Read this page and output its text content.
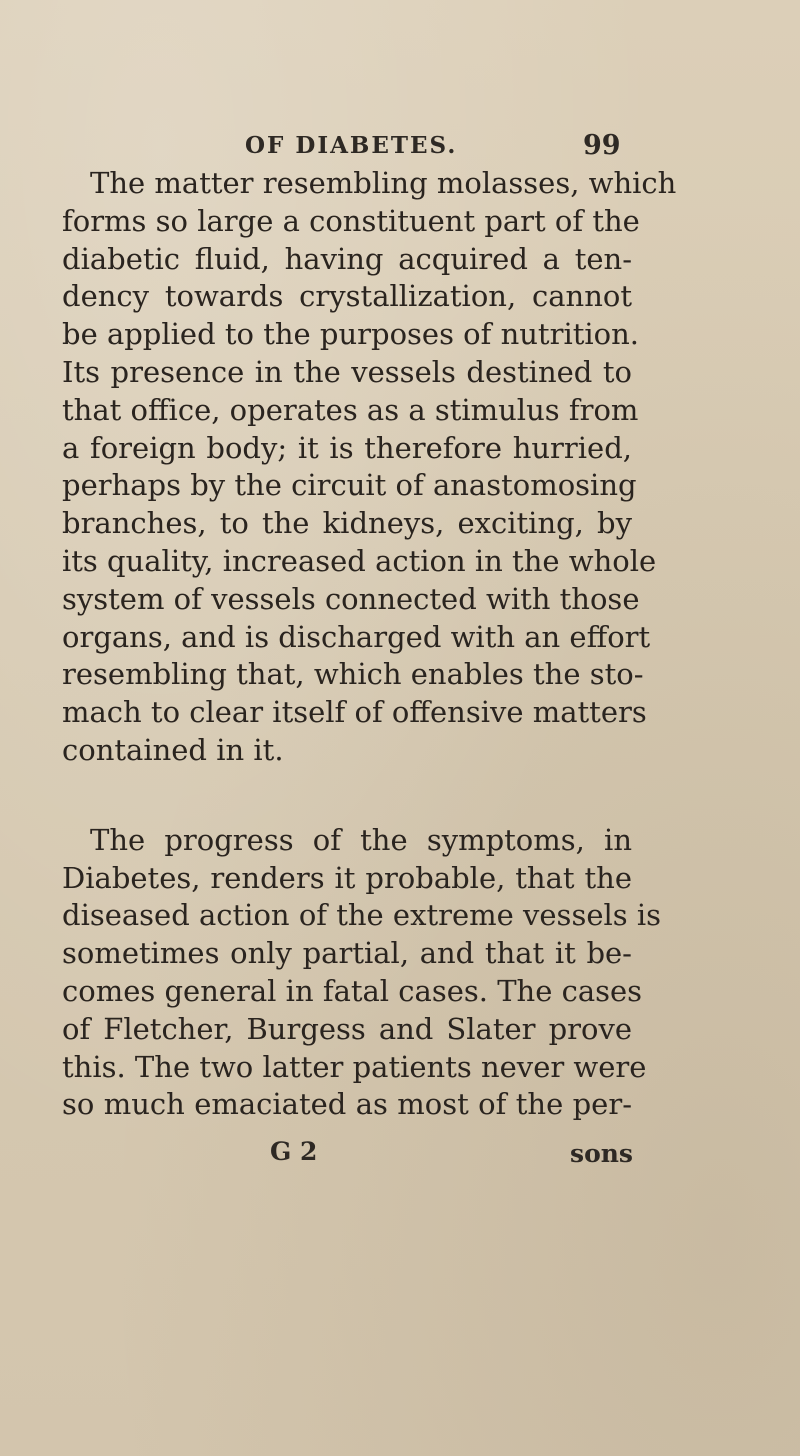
OF DIABETES.	99
The matter resembling molasses, which
forms so large a constituent part of the
diabetic fluid, having acquired a ten-
dency towards crystallization, cannot
be applied to the purposes of nutrition.
Its presence in the vessels destined to
that office, operates as a stimulus from
a foreign body; it is therefore hurried,
perhaps by the circuit of anastomosing
branches, to the kidneys, exciting, by
its quality, increased action in the whole
system of vessels connected with those
organs, and is discharged with an effort
resembling that, which enables the sto-
mach to clear itself of offensive matters
contained in it.
The progress of the symptoms, in
Diabetes, renders it probable, that the
diseased action of the extreme vessels is
sometimes only partial, and that it be-
comes general in fatal cases. The cases
of Fletcher, Burgess and Slater prove
this. The two latter patients never were
so much emaciated as most of the per-
G 2	sons
